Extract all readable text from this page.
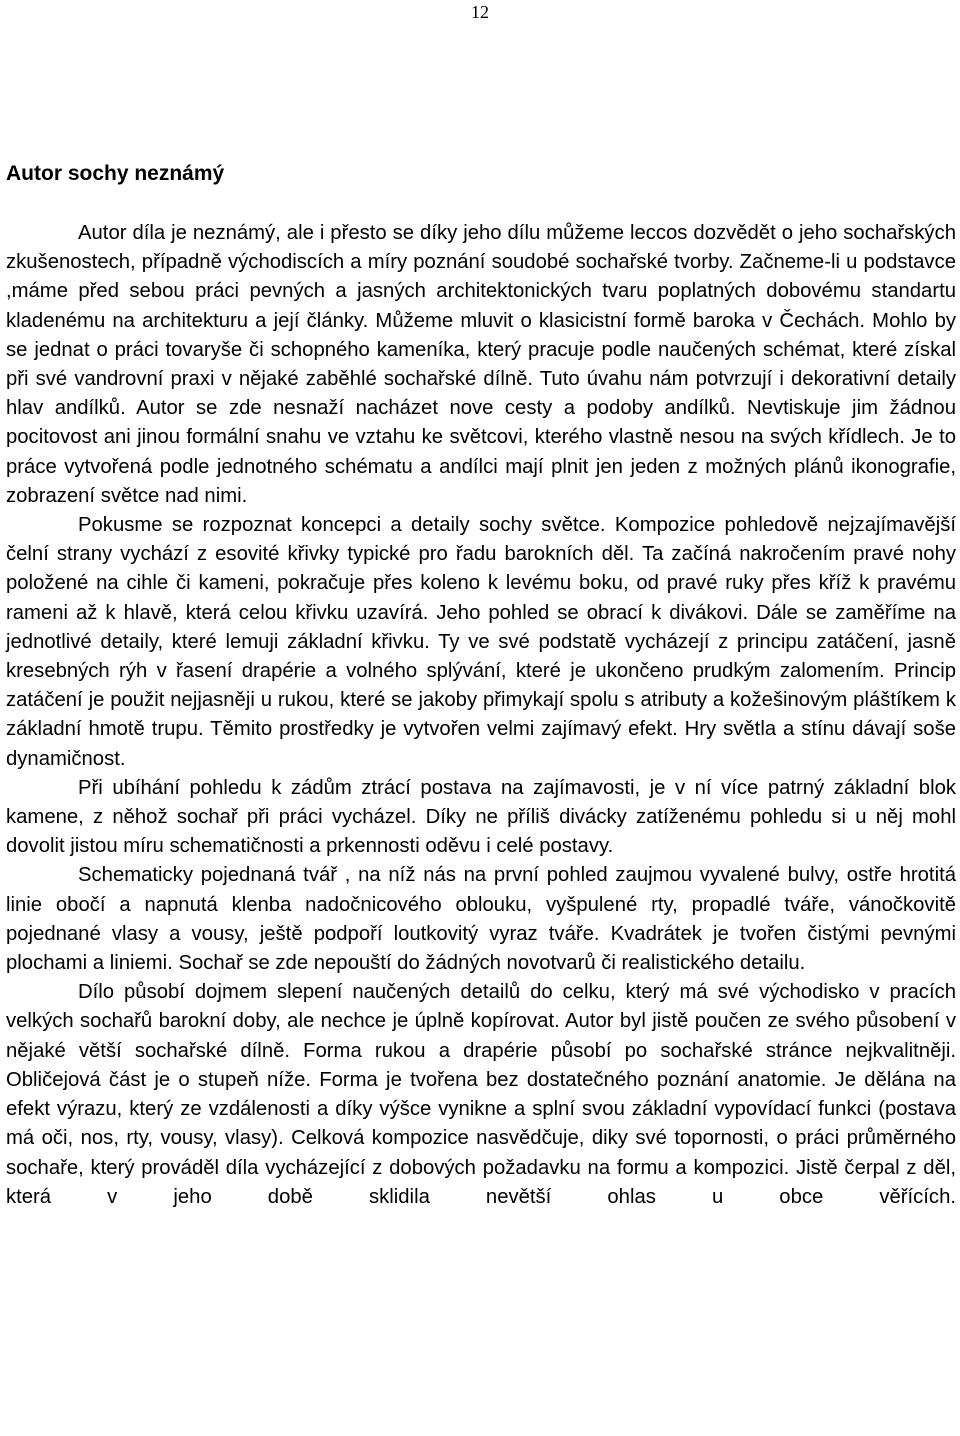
12
Autor sochy neznámý

Autor díla je neznámý, ale i přesto se díky jeho dílu můžeme leccos dozvědět o jeho sochařských zkušenostech, případně východiscích a míry poznání soudobé sochařské tvorby. Začneme-li u podstavce ,máme před sebou práci pevných a jasných architektonických tvaru poplatných dobovému standartu kladenému na architekturu a její články. Můžeme mluvit o klasicistní formě baroka v Čechách. Mohlo by se jednat o práci tovaryše či schopného kameníka, který pracuje podle naučených schémat, které získal při své vandrovní praxi v nějaké zaběhlé sochařské dílně. Tuto úvahu nám potvrzují i dekorativní detaily hlav andílků. Autor se zde nesnaží nacházet nove cesty a podoby andílků. Nevtiskuje jim žádnou pocitovost ani jinou formální snahu ve vztahu ke světcovi, kterého vlastně nesou na svých křídlech. Je to práce vytvořená podle jednotného schématu a andílci mají plnit jen jeden z možných plánů ikonografie, zobrazení světce nad nimi.

Pokusme se rozpoznat koncepci a detaily sochy světce. Kompozice pohledově nejzajímavější čelní strany vychází z esovité křivky typické pro řadu barokních děl. Ta začíná nakročením pravé nohy položené na cihle či kameni, pokračuje přes koleno k levému boku, od pravé ruky přes kříž k pravému rameni až k hlavě, která celou křivku uzavírá. Jeho pohled se obrací k divákovi. Dále se zaměříme na jednotlivé detaily, které lemuji základní křivku. Ty ve své podstatě vycházejí z principu zatáčení, jasně kresebných rýh v řasení drapérie a volného splývání, které je ukončeno prudkým zalomením. Princip zatáčení je použit nejjasněji u rukou, které se jakoby přimykají spolu s atributy a kožešinovým pláštíkem k základní hmotě trupu. Těmito prostředky je vytvořen velmi zajímavý efekt. Hry světla a stínu dávají soše dynamičnost.

Při ubíhání pohledu k zádům ztrácí postava na zajímavosti, je v ní více patrný základní blok kamene, z něhož sochař při práci vycházel. Díky ne příliš divácky zatíženému pohledu si u něj mohl dovolit jistou míru schematičnosti a prkennosti oděvu i celé postavy.

Schematicky pojednaná tvář , na níž nás na první pohled zaujmou vyvalené bulvy, ostře hrotitá linie obočí a napnutá klenba nadočnicového oblouku, vyšpulené rty, propadlé tváře, vánočkovitě pojednané vlasy a vousy, ještě podpoří loutkovitý vyraz tváře. Kvadrátek je tvořen čistými pevnými plochami a liniemi. Sochař se zde nepouští do žádných novotvarů či realistického detailu.

Dílo působí dojmem slepení naučených detailů do celku, který má své východisko v pracích velkých sochařů barokní doby, ale nechce je úplně kopírovat. Autor byl jistě poučen ze svého působení v nějaké větší sochařské dílně. Forma rukou a drapérie působí po sochařské stránce nejkvalitněji. Obličejová část je o stupeň níže. Forma je tvořena bez dostatečného poznání anatomie. Je dělána na efekt výrazu, který ze vzdálenosti a díky výšce vynikne a splní svou základní vypovídací funkci (postava má oči, nos, rty, vousy, vlasy). Celková kompozice nasvědčuje, diky své topornosti, o práci průměrného sochaře, který prováděl díla vycházející z dobových požadavku na formu a kompozici. Jistě čerpal z děl, která v jeho době sklidila nevětší ohlas u obce věřících.
